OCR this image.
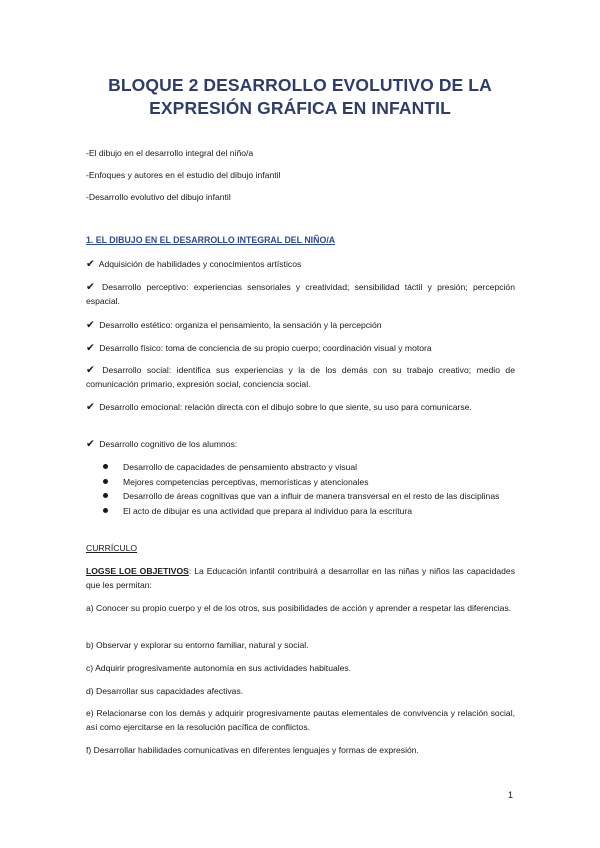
BLOQUE 2 DESARROLLO EVOLUTIVO DE LA
EXPRESIÓN GRÁFICA EN INFANTIL
-El dibujo en el desarrollo integral del niño/a
-Enfoques y autores en el estudio del dibujo infantil
-Desarrollo evolutivo del dibujo infantil
1. EL DIBUJO EN EL DESARROLLO INTEGRAL DEL NIÑO/A
✔ Adquisición de habilidades y conocimientos artísticos
✔ Desarrollo perceptivo: experiencias sensoriales y creatividad; sensibilidad táctil y presión; percepción espacial.
✔ Desarrollo estético: organiza el pensamiento, la sensación y la percepción
✔ Desarrollo físico: toma de conciencia de su propio cuerpo; coordinación visual y motora
✔ Desarrollo social: identifica sus experiencias y la de los demás con su trabajo creativo; medio de comunicación primario, expresión social, conciencia social.
✔ Desarrollo emocional: relación directa con el dibujo sobre lo que siente, su uso para comunicarse.
✔ Desarrollo cognitivo de los alumnos:
Desarrollo de capacidades de pensamiento abstracto y visual
Mejores competencias perceptivas, memorísticas y atencionales
Desarrollo de áreas cognitivas que van a influir de manera transversal en el resto de las disciplinas
El acto de dibujar es una actividad que prepara al individuo para la escritura
CURRÍCULO
LOGSE LOE OBJETIVOS: La Educación infantil contribuirá a desarrollar en las niñas y niños las capacidades que les permitan:
a) Conocer su propio cuerpo y el de los otros, sus posibilidades de acción y aprender a respetar las diferencias.
b) Observar y explorar su entorno familiar, natural y social.
c) Adquirir progresivamente autonomía en sus actividades habituales.
d) Desarrollar sus capacidades afectivas.
e) Relacionarse con los demás y adquirir progresivamente pautas elementales de convivencia y relación social, así como ejercitarse en la resolución pacífica de conflictos.
f) Desarrollar habilidades comunicativas en diferentes lenguajes y formas de expresión.
1
